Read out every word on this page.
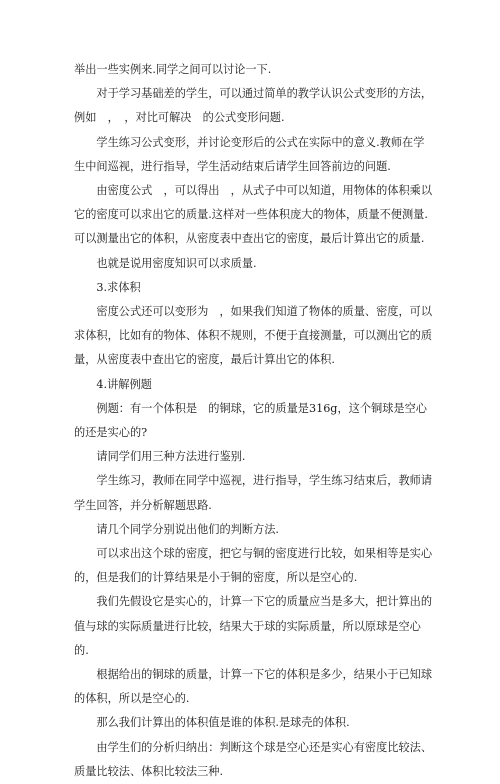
举出一些实例来.同学之间可以讨论一下.

对于学习基础差的学生，可以通过简单的教学认识公式变形的方法，例如　，　，对比可解决　的公式变形问题.

学生练习公式变形，并讨论变形后的公式在实际中的意义.教师在学生中间巡视，进行指导，学生活动结束后请学生回答前边的问题.

由密度公式　，可以得出　，从式子中可以知道，用物体的体积乘以它的密度可以求出它的质量.这样对一些体积庞大的物体，质量不便测量.可以测量出它的体积，从密度表中查出它的密度，最后计算出它的质量.

也就是说用密度知识可以求质量.

3.求体积

密度公式还可以变形为　，如果我们知道了物体的质量、密度，可以求体积，比如有的物体、体积不规则，不便于直接测量，可以测出它的质量，从密度表中查出它的密度，最后计算出它的体积.

4.讲解例题

例题：有一个体积是　的铜球，它的质量是316g，这个铜球是空心的还是实心的?

请同学们用三种方法进行鉴别.

学生练习，教师在同学中巡视，进行指导，学生练习结束后，教师请学生回答，并分析解题思路.

请几个同学分别说出他们的判断方法.

可以求出这个球的密度，把它与铜的密度进行比较，如果相等是实心的，但是我们的计算结果是小于铜的密度，所以是空心的.

我们先假设它是实心的，计算一下它的质量应当是多大，把计算出的值与球的实际质量进行比较，结果大于球的实际质量，所以原球是空心的.

根据给出的铜球的质量，计算一下它的体积是多少，结果小于已知球的体积，所以是空心的.

那么我们计算出的体积值是谁的体积.是球壳的体积.

由学生们的分析归纳出：判断这个球是空心还是实心有密度比较法、质量比较法、体积比较法三种.
